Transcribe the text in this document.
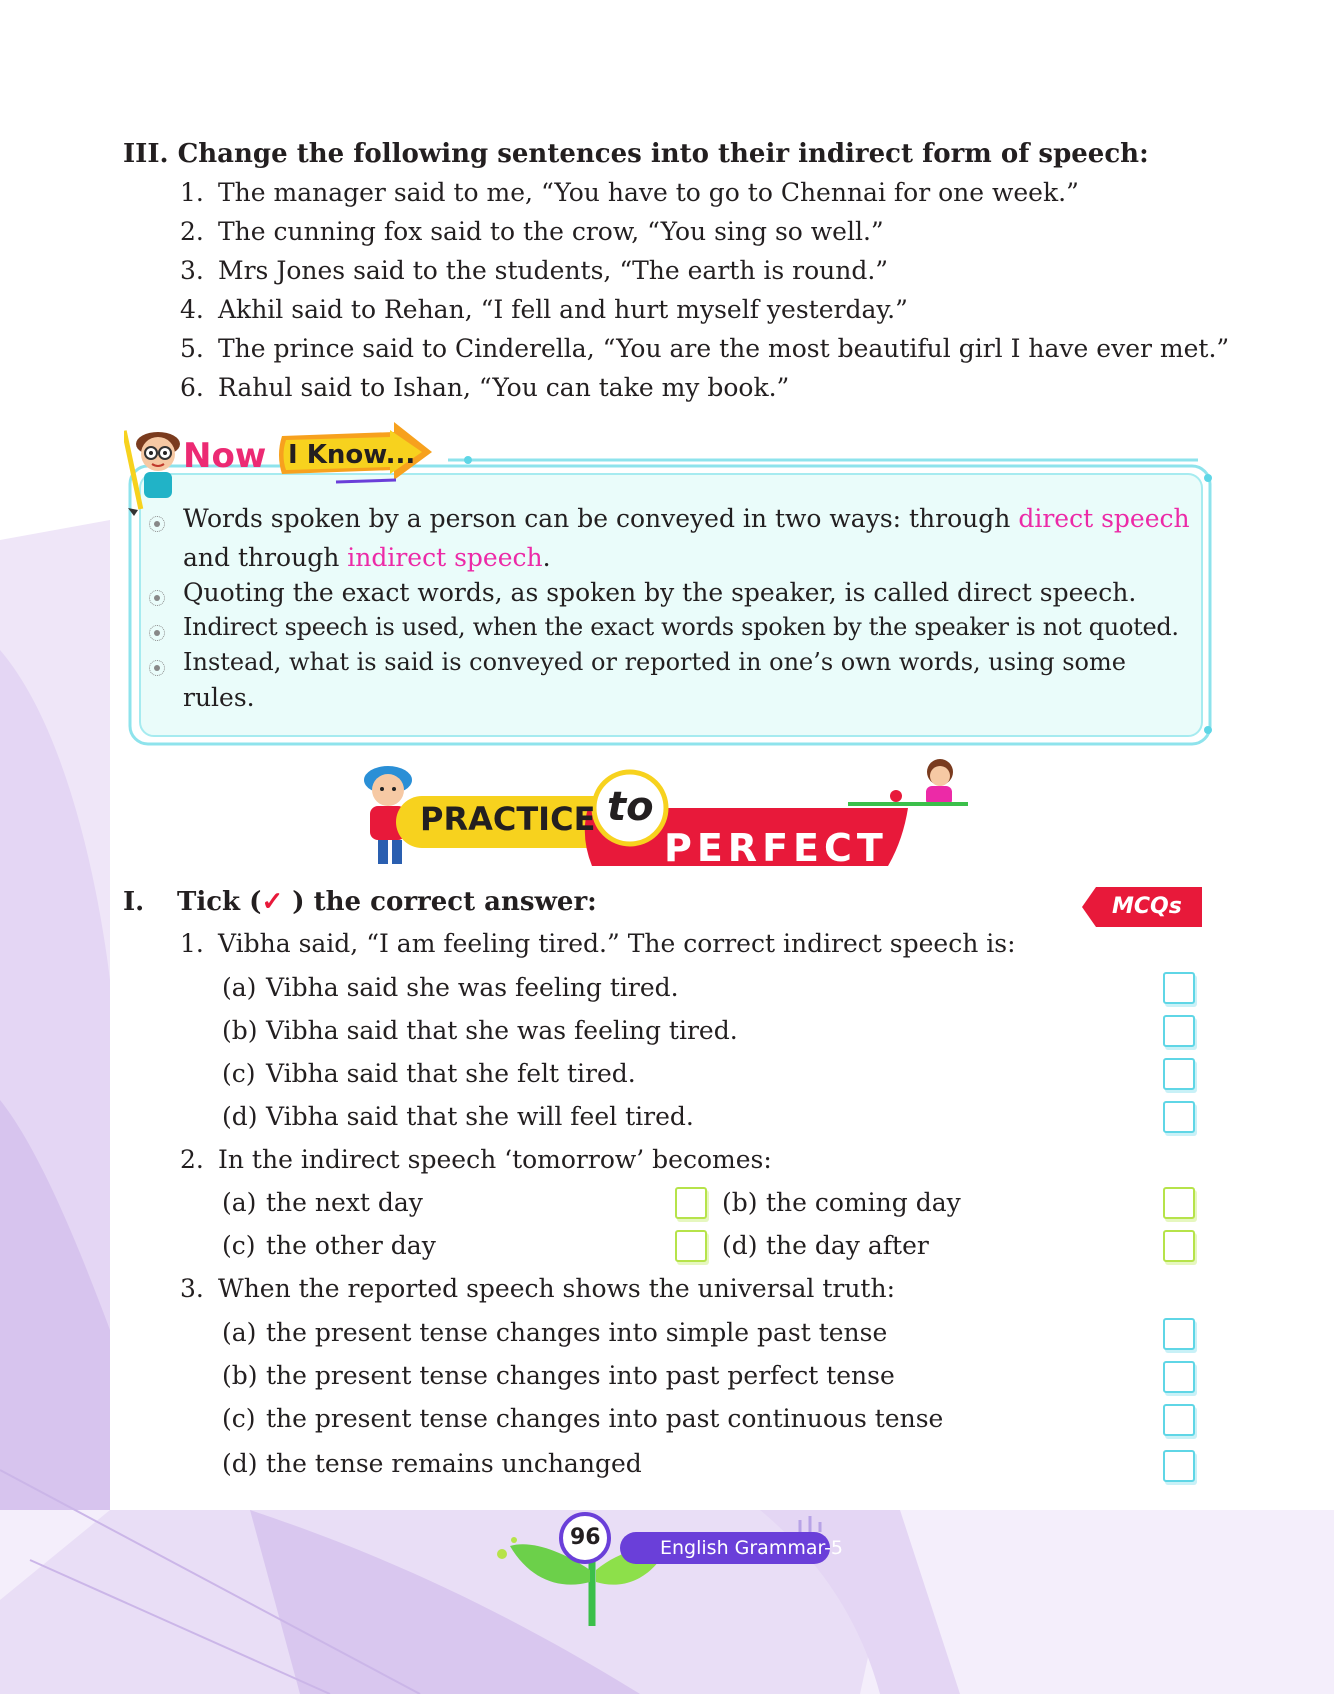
III. Change the following sentences into their indirect form of speech:
1. The manager said to me, “You have to go to Chennai for one week.”
2. The cunning fox said to the crow, “You sing so well.”
3. Mrs Jones said to the students, “The earth is round.”
4. Akhil said to Rehan, “I fell and hurt myself yesterday.”
5. The prince said to Cinderella, “You are the most beautiful girl I have ever met.”
6. Rahul said to Ishan, “You can take my book.”
Now I Know...
Words spoken by a person can be conveyed in two ways: through direct speech
and through indirect speech.
Quoting the exact words, as spoken by the speaker, is called direct speech.
Indirect speech is used, when the exact words spoken by the speaker is not quoted.
Instead, what is said is conveyed or reported in one’s own words, using some
rules.
PRACTICE to
PERFECT
I. Tick (✓ ) the correct answer:	MCQs
1. Vibha said, “I am feeling tired.” The correct indirect speech is:
(a) Vibha said she was feeling tired.
(b) Vibha said that she was feeling tired.
(c) Vibha said that she felt tired.
(d) Vibha said that she will feel tired.
2. In the indirect speech ‘tomorrow’ becomes:
(a) the next day	(b) the coming day
(c) the other day	(d) the day after
3. When the reported speech shows the universal truth:
(a) the present tense changes into simple past tense
(b) the present tense changes into past perfect tense
(c) the present tense changes into past continuous tense
(d) the tense remains unchanged
96	English Grammar-5
